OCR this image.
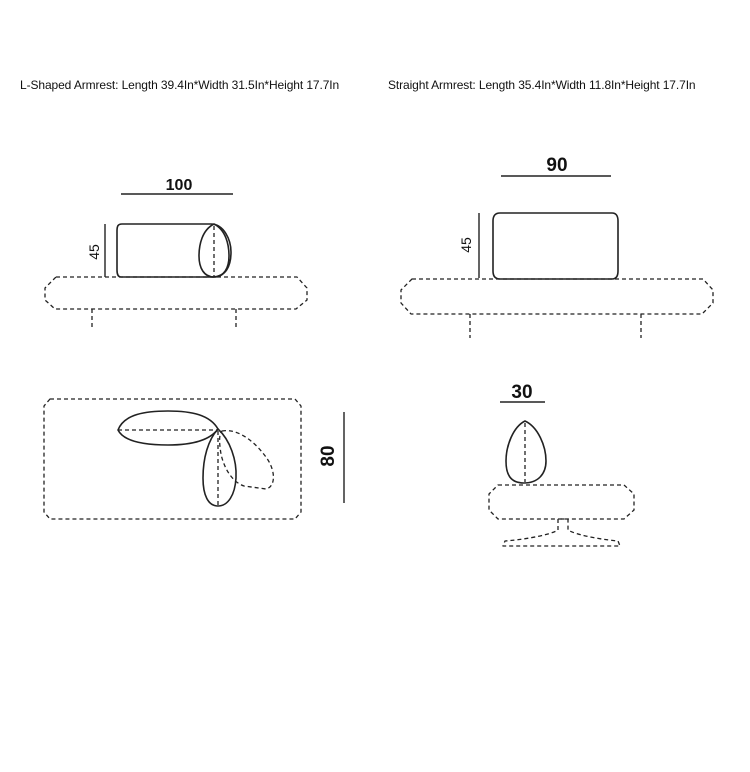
L-Shaped Armrest: Length 39.4In*Width 31.5In*Height 17.7In	Straight Armrest: Length 35.4In*Width 11.8In*Height 17.7In
100
45
80
90
45
30
